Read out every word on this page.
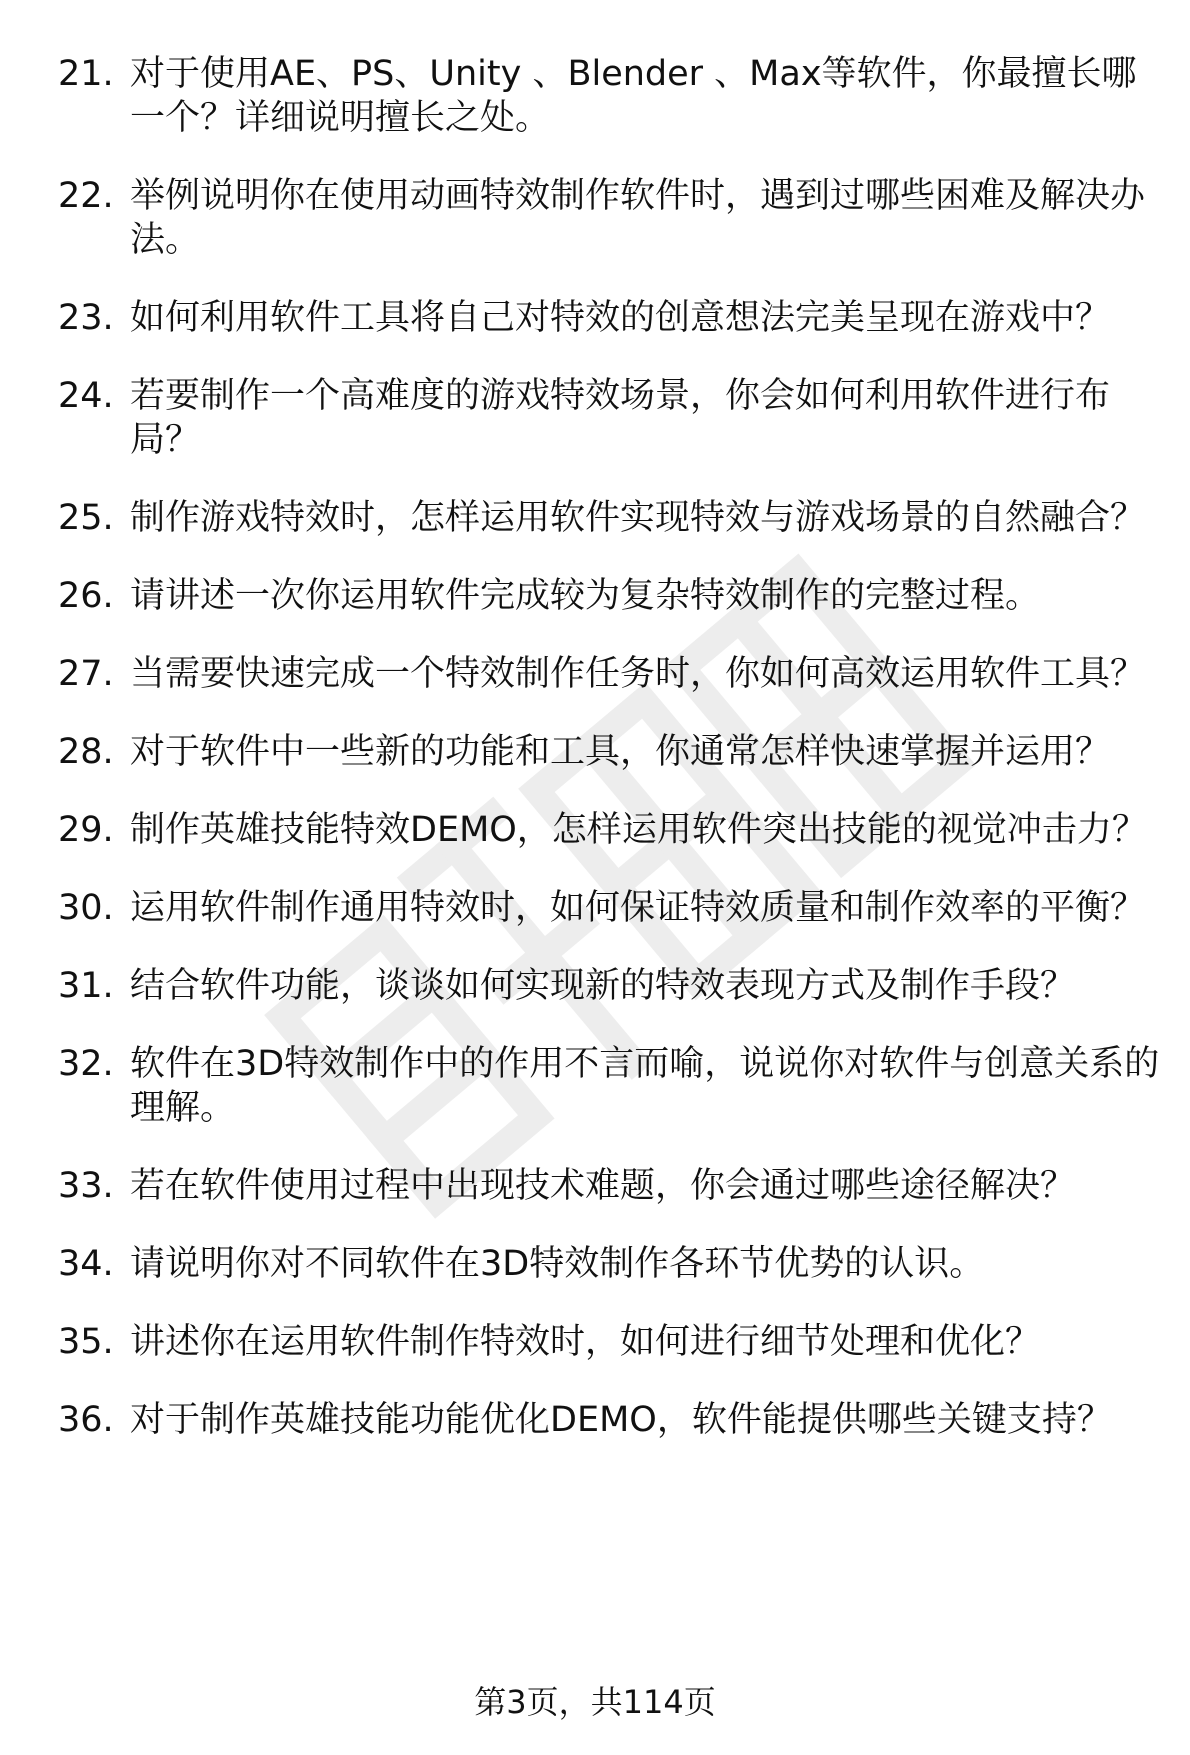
21. 对于使用AE、PS、Unity 、Blender 、Max等软件，你最擅长哪一个？详细说明擅长之处。
22. 举例说明你在使用动画特效制作软件时，遇到过哪些困难及解决办法。
23. 如何利用软件工具将自己对特效的创意想法完美呈现在游戏中？
24. 若要制作一个高难度的游戏特效场景，你会如何利用软件进行布局？
25. 制作游戏特效时，怎样运用软件实现特效与游戏场景的自然融合？
26. 请讲述一次你运用软件完成较为复杂特效制作的完整过程。
27. 当需要快速完成一个特效制作任务时，你如何高效运用软件工具？
28. 对于软件中一些新的功能和工具，你通常怎样快速掌握并运用？
29. 制作英雄技能特效DEMO，怎样运用软件突出技能的视觉冲击力？
30. 运用软件制作通用特效时，如何保证特效质量和制作效率的平衡？
31. 结合软件功能，谈谈如何实现新的特效表现方式及制作手段？
32. 软件在3D特效制作中的作用不言而喻，说说你对软件与创意关系的理解。
33. 若在软件使用过程中出现技术难题，你会通过哪些途径解决？
34. 请说明你对不同软件在3D特效制作各环节优势的认识。
35. 讲述你在运用软件制作特效时，如何进行细节处理和优化？
36. 对于制作英雄技能功能优化DEMO，软件能提供哪些关键支持？
第3页，共114页
